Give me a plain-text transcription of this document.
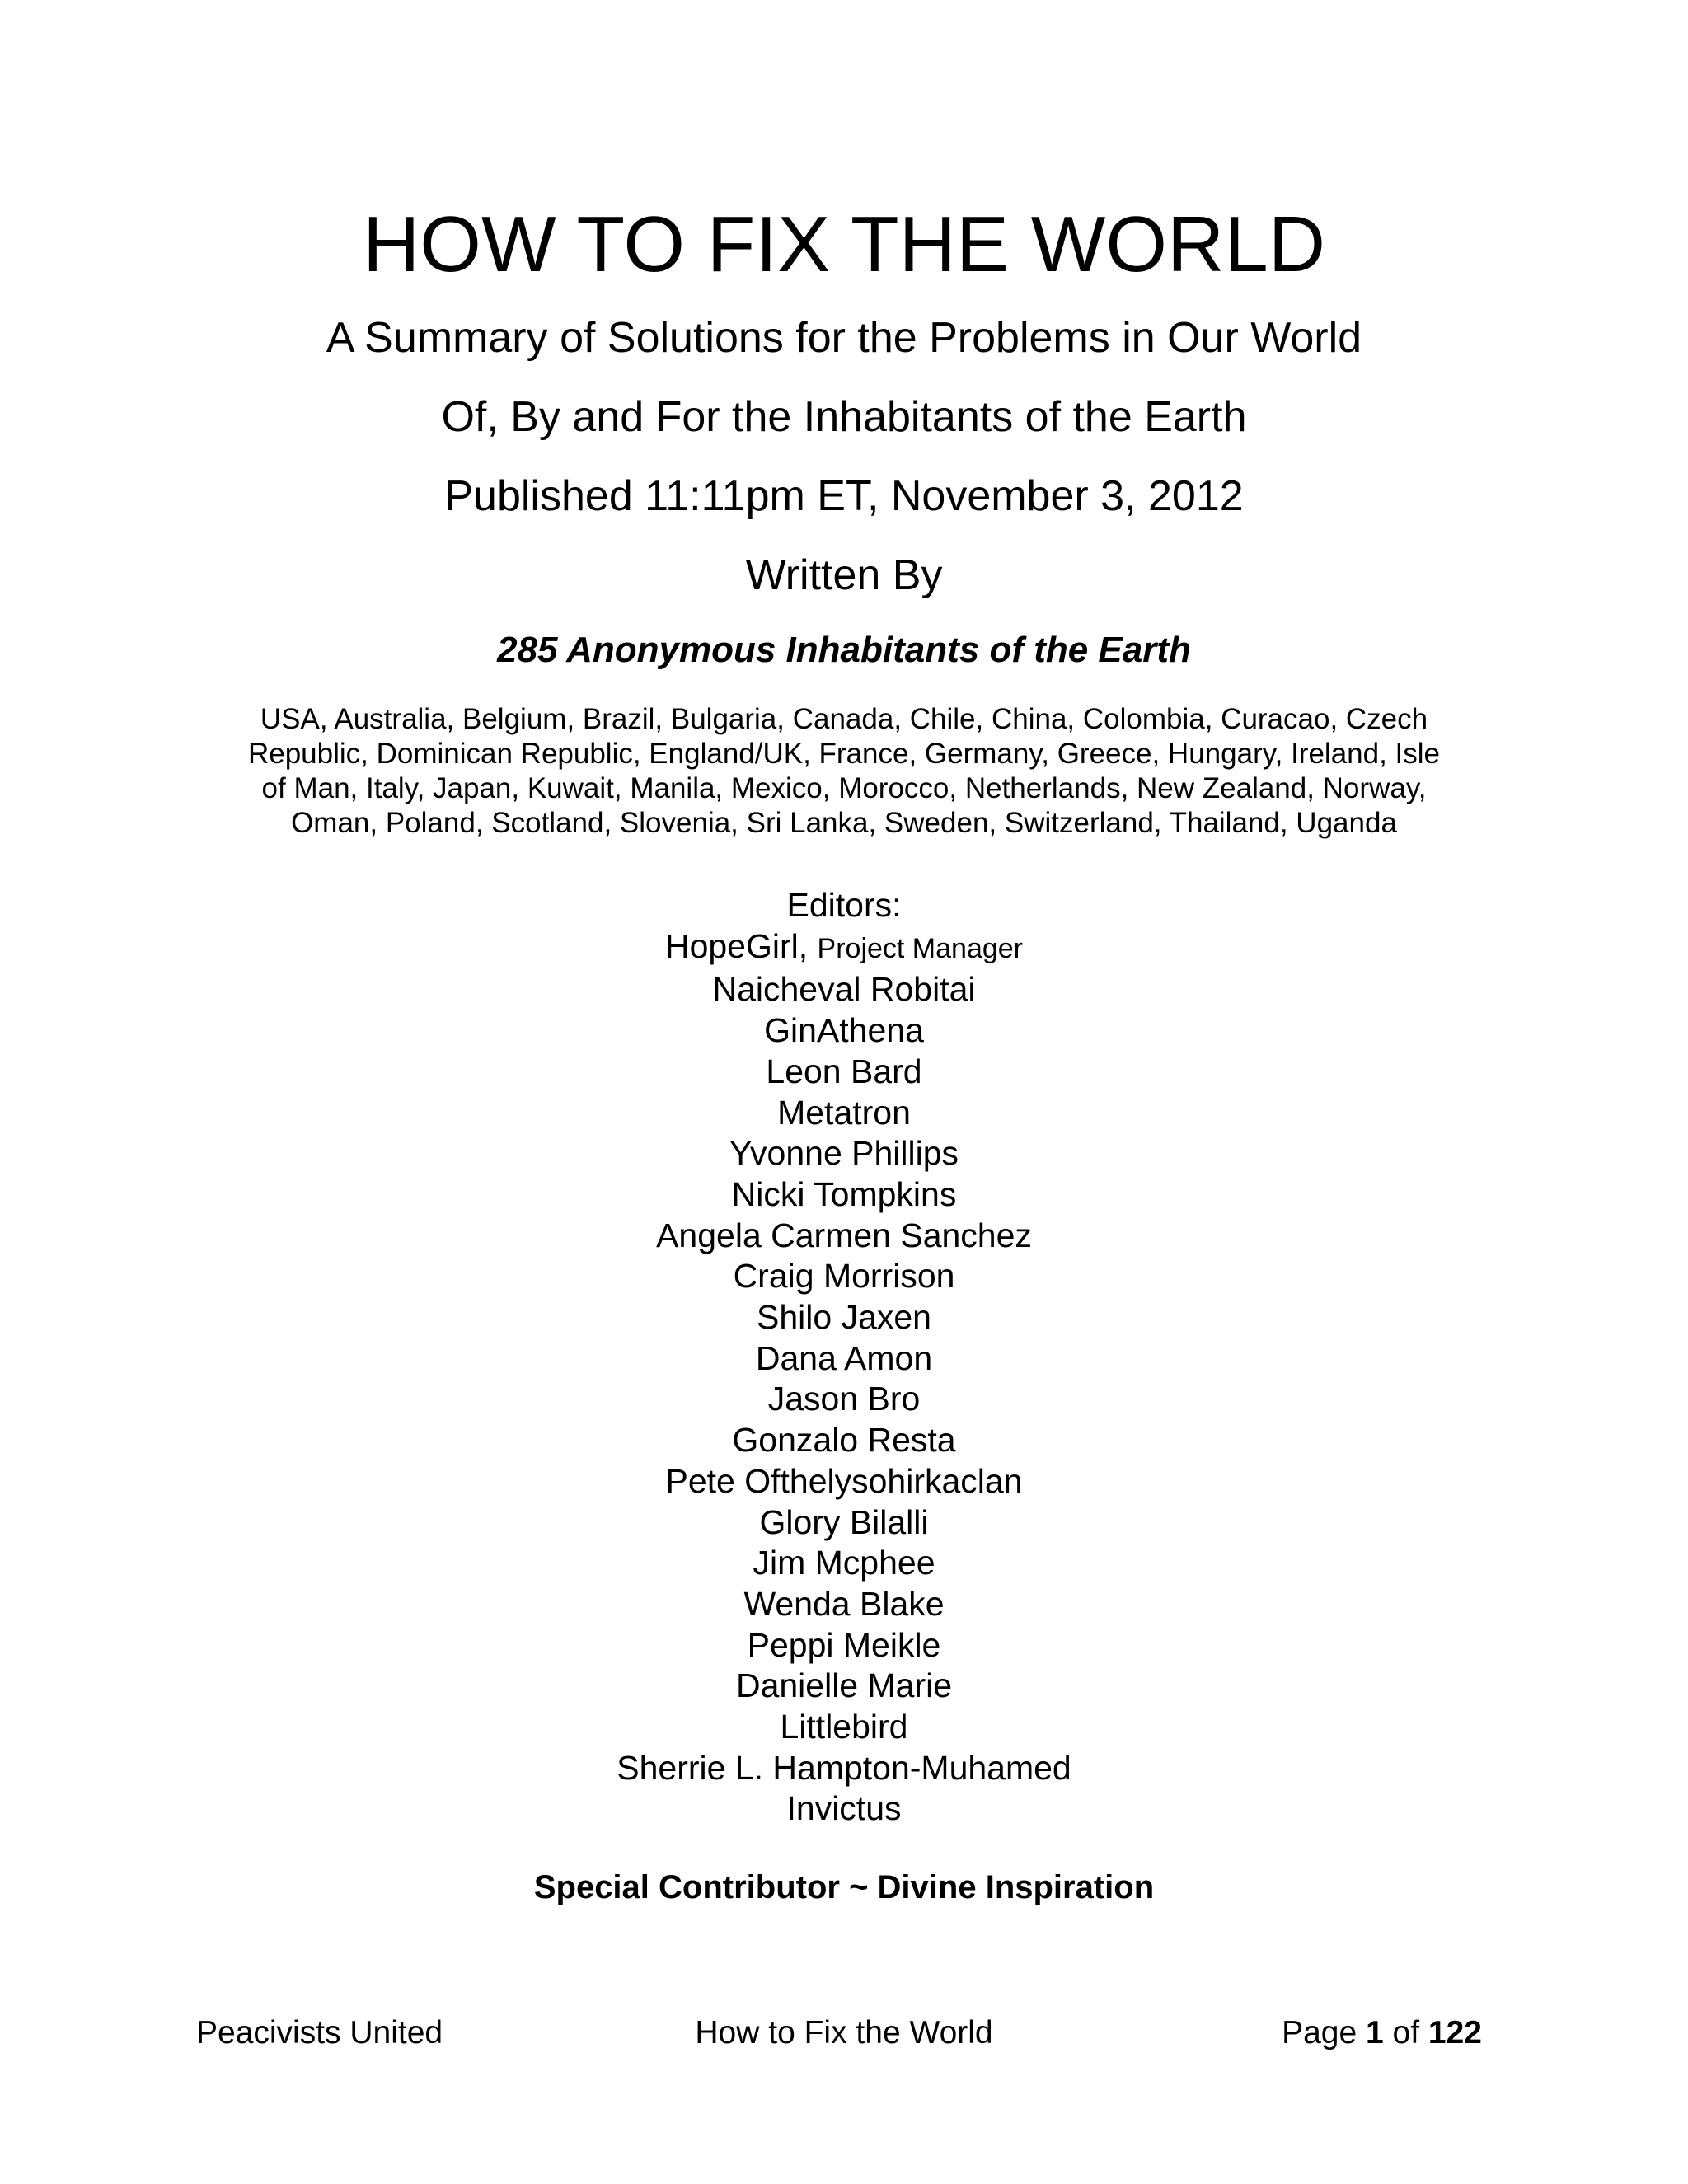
HOW TO FIX THE WORLD
A Summary of Solutions for the Problems in Our World
Of, By and For the Inhabitants of the Earth
Published 11:11pm ET, November 3, 2012
Written By
285 Anonymous Inhabitants of the Earth
USA, Australia, Belgium, Brazil, Bulgaria, Canada, Chile, China, Colombia, Curacao, Czech
Republic, Dominican Republic, England/UK, France, Germany, Greece, Hungary, Ireland, Isle
of Man, Italy, Japan, Kuwait, Manila, Mexico, Morocco, Netherlands, New Zealand, Norway,
Oman, Poland, Scotland, Slovenia, Sri Lanka, Sweden, Switzerland, Thailand, Uganda
Editors:
HopeGirl, Project Manager
Naicheval Robitai
GinAthena
Leon Bard
Metatron
Yvonne Phillips
Nicki Tompkins
Angela Carmen Sanchez
Craig Morrison
Shilo Jaxen
Dana Amon
Jason Bro
Gonzalo Resta
Pete Ofthelysohirkaclan
Glory Bilalli
Jim Mcphee
Wenda Blake
Peppi Meikle
Danielle Marie
Littlebird
Sherrie L. Hampton-Muhamed
Invictus
Special Contributor ~ Divine Inspiration
Peacivists United	How to Fix the World	Page 1 of 122
